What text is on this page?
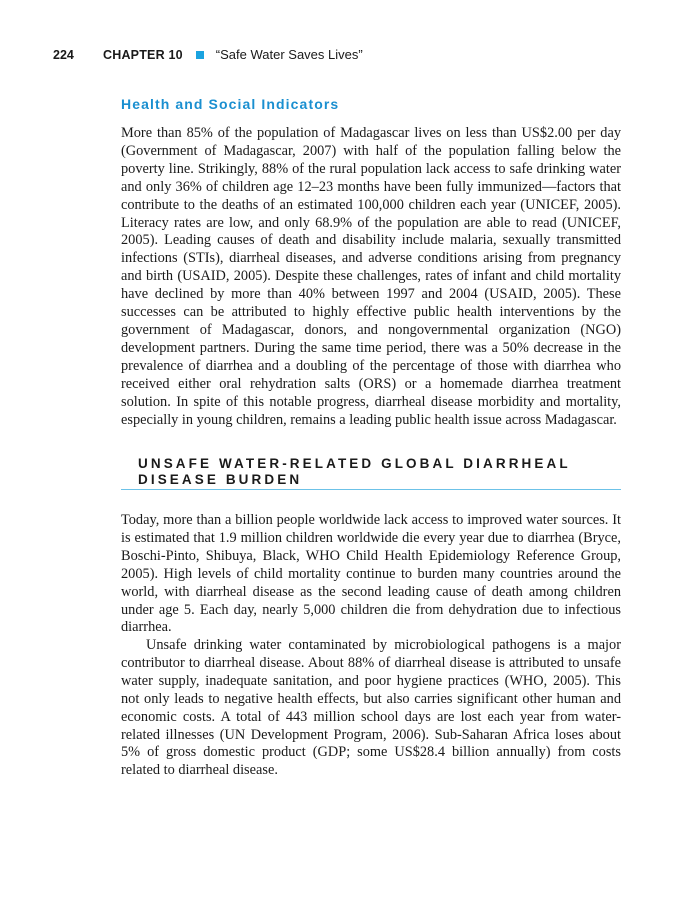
224	CHAPTER 10	“Safe Water Saves Lives”
Health and Social Indicators

More than 85% of the population of Madagascar lives on less than US$2.00 per day (Government of Madagascar, 2007) with half of the population falling below the poverty line. Strikingly, 88% of the rural population lack access to safe drinking water and only 36% of children age 12–23 months have been fully immunized—factors that contribute to the deaths of an estimated 100,000 children each year (UNICEF, 2005). Literacy rates are low, and only 68.9% of the population are able to read (UNICEF, 2005). Leading causes of death and disability include malaria, sexually transmitted infections (STIs), diarrheal diseases, and adverse conditions arising from pregnancy and birth (USAID, 2005). Despite these challenges, rates of infant and child mortality have declined by more than 40% between 1997 and 2004 (USAID, 2005). These successes can be attributed to highly effective public health interventions by the government of Madagascar, donors, and nongovernmental organization (NGO) development partners. During the same time period, there was a 50% decrease in the prevalence of diarrhea and a doubling of the percentage of those with diarrhea who received either oral rehydration salts (ORS) or a homemade diarrhea treatment solution. In spite of this notable progress, diarrheal disease morbidity and mortality, especially in young children, remains a leading public health issue across Madagascar.

UNSAFE WATER-RELATED GLOBAL DIARRHEAL
DISEASE BURDEN

Today, more than a billion people worldwide lack access to improved water sources. It is estimated that 1.9 million children worldwide die every year due to diarrhea (Bryce, Boschi-Pinto, Shibuya, Black, WHO Child Health Epidemiology Reference Group, 2005). High levels of child mortality continue to burden many countries around the world, with diarrheal disease as the second leading cause of death among children under age 5. Each day, nearly 5,000 children die from dehydration due to infectious diarrhea.

Unsafe drinking water contaminated by microbiological pathogens is a major contributor to diarrheal disease. About 88% of diarrheal disease is attributed to unsafe water supply, inadequate sanitation, and poor hygiene practices (WHO, 2005). This not only leads to negative health effects, but also carries significant other human and economic costs. A total of 443 million school days are lost each year from water-related illnesses (UN Development Program, 2006). Sub-Saharan Africa loses about 5% of gross domestic product (GDP; some US$28.4 billion annually) from costs related to diarrheal disease.
